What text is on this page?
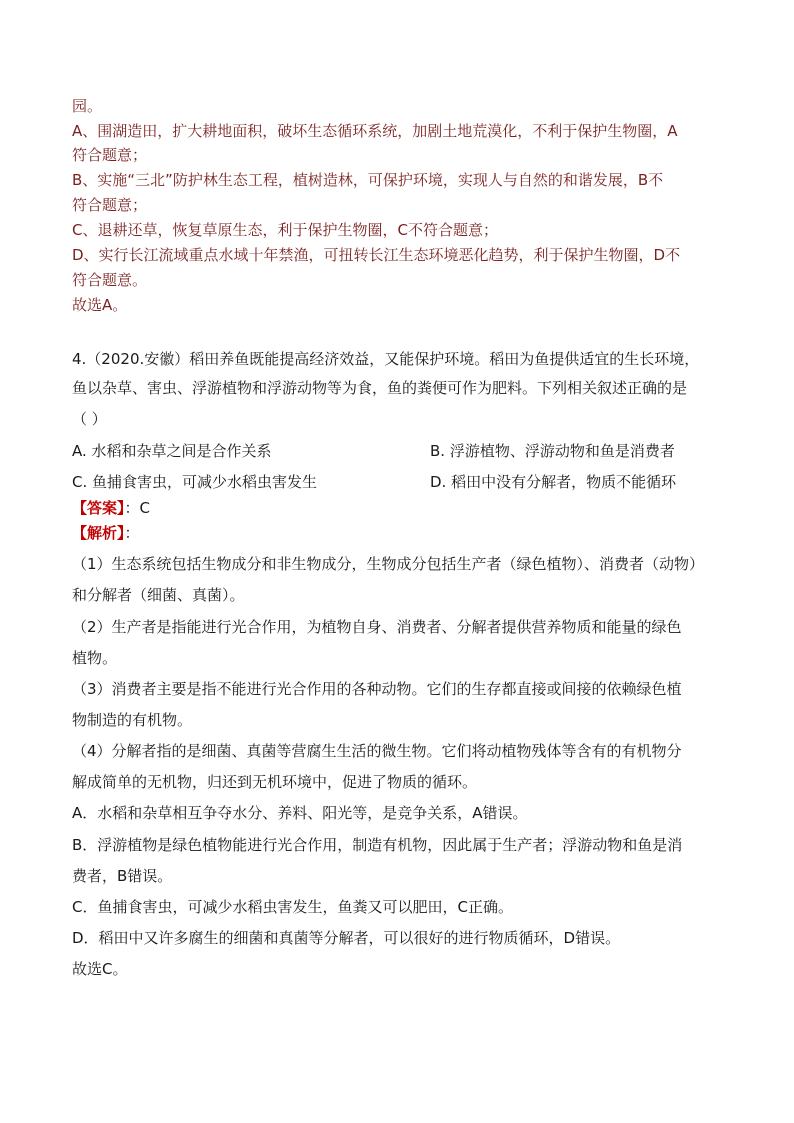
园。
A、围湖造田，扩大耕地面积，破坏生态循环系统，加剧土地荒漠化，不利于保护生物圈，A
符合题意；
B、实施“三北”防护林生态工程，植树造林，可保护环境，实现人与自然的和谐发展，B不
符合题意；
C、退耕还草，恢复草原生态，利于保护生物圈，C不符合题意；
D、实行长江流域重点水域十年禁渔，可扭转长江生态环境恶化趋势，利于保护生物圈，D不
符合题意。
故选A。
4.（2020.安徽）稻田养鱼既能提高经济效益，又能保护环境。稻田为鱼提供适宜的生长环境，
鱼以杂草、害虫、浮游植物和浮游动物等为食，鱼的粪便可作为肥料。下列相关叙述正确的是
（ ）
A. 水稻和杂草之间是合作关系	B. 浮游植物、浮游动物和鱼是消费者
C. 鱼捕食害虫，可减少水稻虫害发生	D. 稻田中没有分解者，物质不能循环
【答案】：C
【解析】：
（1）生态系统包括生物成分和非生物成分，生物成分包括生产者（绿色植物）、消费者（动物）
和分解者（细菌、真菌）。
（2）生产者是指能进行光合作用，为植物自身、消费者、分解者提供营养物质和能量的绿色
植物。
（3）消费者主要是指不能进行光合作用的各种动物。它们的生存都直接或间接的依赖绿色植
物制造的有机物。
（4）分解者指的是细菌、真菌等营腐生生活的微生物。它们将动植物残体等含有的有机物分
解成简单的无机物，归还到无机环境中，促进了物质的循环。
A．水稻和杂草相互争夺水分、养料、阳光等，是竞争关系，A错误。
B．浮游植物是绿色植物能进行光合作用，制造有机物，因此属于生产者；浮游动物和鱼是消
费者，B错误。
C．鱼捕食害虫，可减少水稻虫害发生，鱼粪又可以肥田，C正确。
D．稻田中又许多腐生的细菌和真菌等分解者，可以很好的进行物质循环，D错误。
故选C。
